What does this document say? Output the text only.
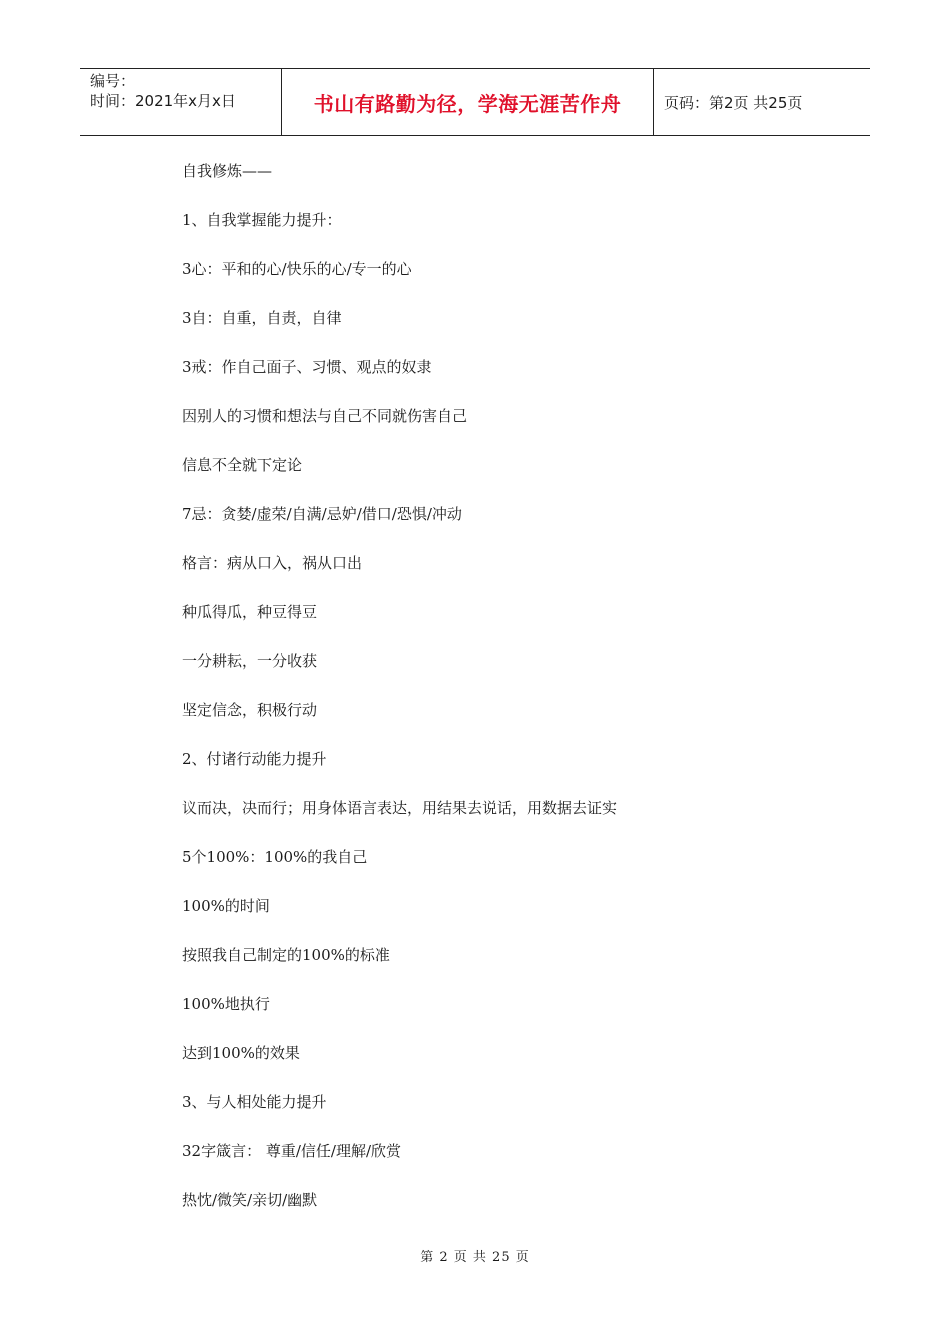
编号：
时间：2021年x月x日	书山有路勤为径，学海无涯苦作舟	页码：第2页 共25页
自我修炼——
1、自我掌握能力提升：
3心：平和的心/快乐的心/专一的心
3自：自重，自责，自律
3戒：作自己面子、习惯、观点的奴隶
因别人的习惯和想法与自己不同就伤害自己
信息不全就下定论
7忌：贪婪/虚荣/自满/忌妒/借口/恐惧/冲动
格言：病从口入，祸从口出
种瓜得瓜，种豆得豆
一分耕耘，一分收获
坚定信念，积极行动
2、付诸行动能力提升
议而决，决而行；用身体语言表达，用结果去说话，用数据去证实
5个100%：100%的我自己
100%的时间
按照我自己制定的100%的标准
100%地执行
达到100%的效果
3、与人相处能力提升
32字箴言： 尊重/信任/理解/欣赏
热忱/微笑/亲切/幽默
第 2 页 共 25 页
